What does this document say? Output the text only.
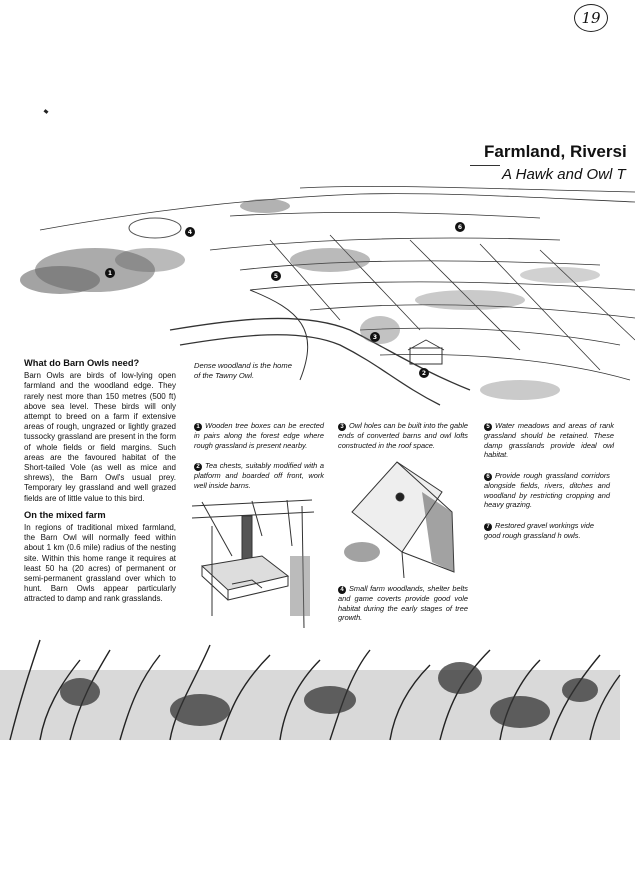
19
Farmland, Riversi
A Hawk and Owl T
1
2
4
5
3
6
Dense woodland is the home
of the Tawny Owl.
What do Barn Owls need?

Barn Owls are birds of low-lying open farmland and the woodland edge. They rarely nest more than 150 metres (500 ft) above sea level. These birds will only attempt to breed on a farm if extensive areas of rough, ungrazed or lightly grazed tussocky grassland are present in the form of whole fields or field margins. Such areas are the favoured habitat of the Short-tailed Vole (as well as mice and shrews), the Barn Owl's usual prey. Temporary ley grassland and well grazed fields are of little value to this bird.

On the mixed farm

In regions of traditional mixed farmland, the Barn Owl will normally feed within about 1 km (0.6 mile) radius of the nesting site. Within this home range it requires at least 50 ha (20 acres) of permanent or semi-permanent grassland over which to hunt. Barn Owls appear particularly attracted to damp and rank grasslands.

1 Wooden tree boxes can be erected in pairs along the forest edge where rough grassland is present nearby.
2 Tea chests, suitably modified with a platform and boarded off front, work well inside barns.
3 Owl holes can be built into the gable ends of converted barns and owl lofts constructed in the roof space.
4 Small farm woodlands, shelter belts and game coverts provide good vole habitat during the early stages of tree growth.
5 Water meadows and areas of rank grassland should be retained. These damp grasslands provide ideal owl habitat.
6 Provide rough grassland corridors alongside fields, rivers, ditches and woodland by restricting cropping and heavy grazing.
7 Restored gravel workings vide good rough grassland h owls.
